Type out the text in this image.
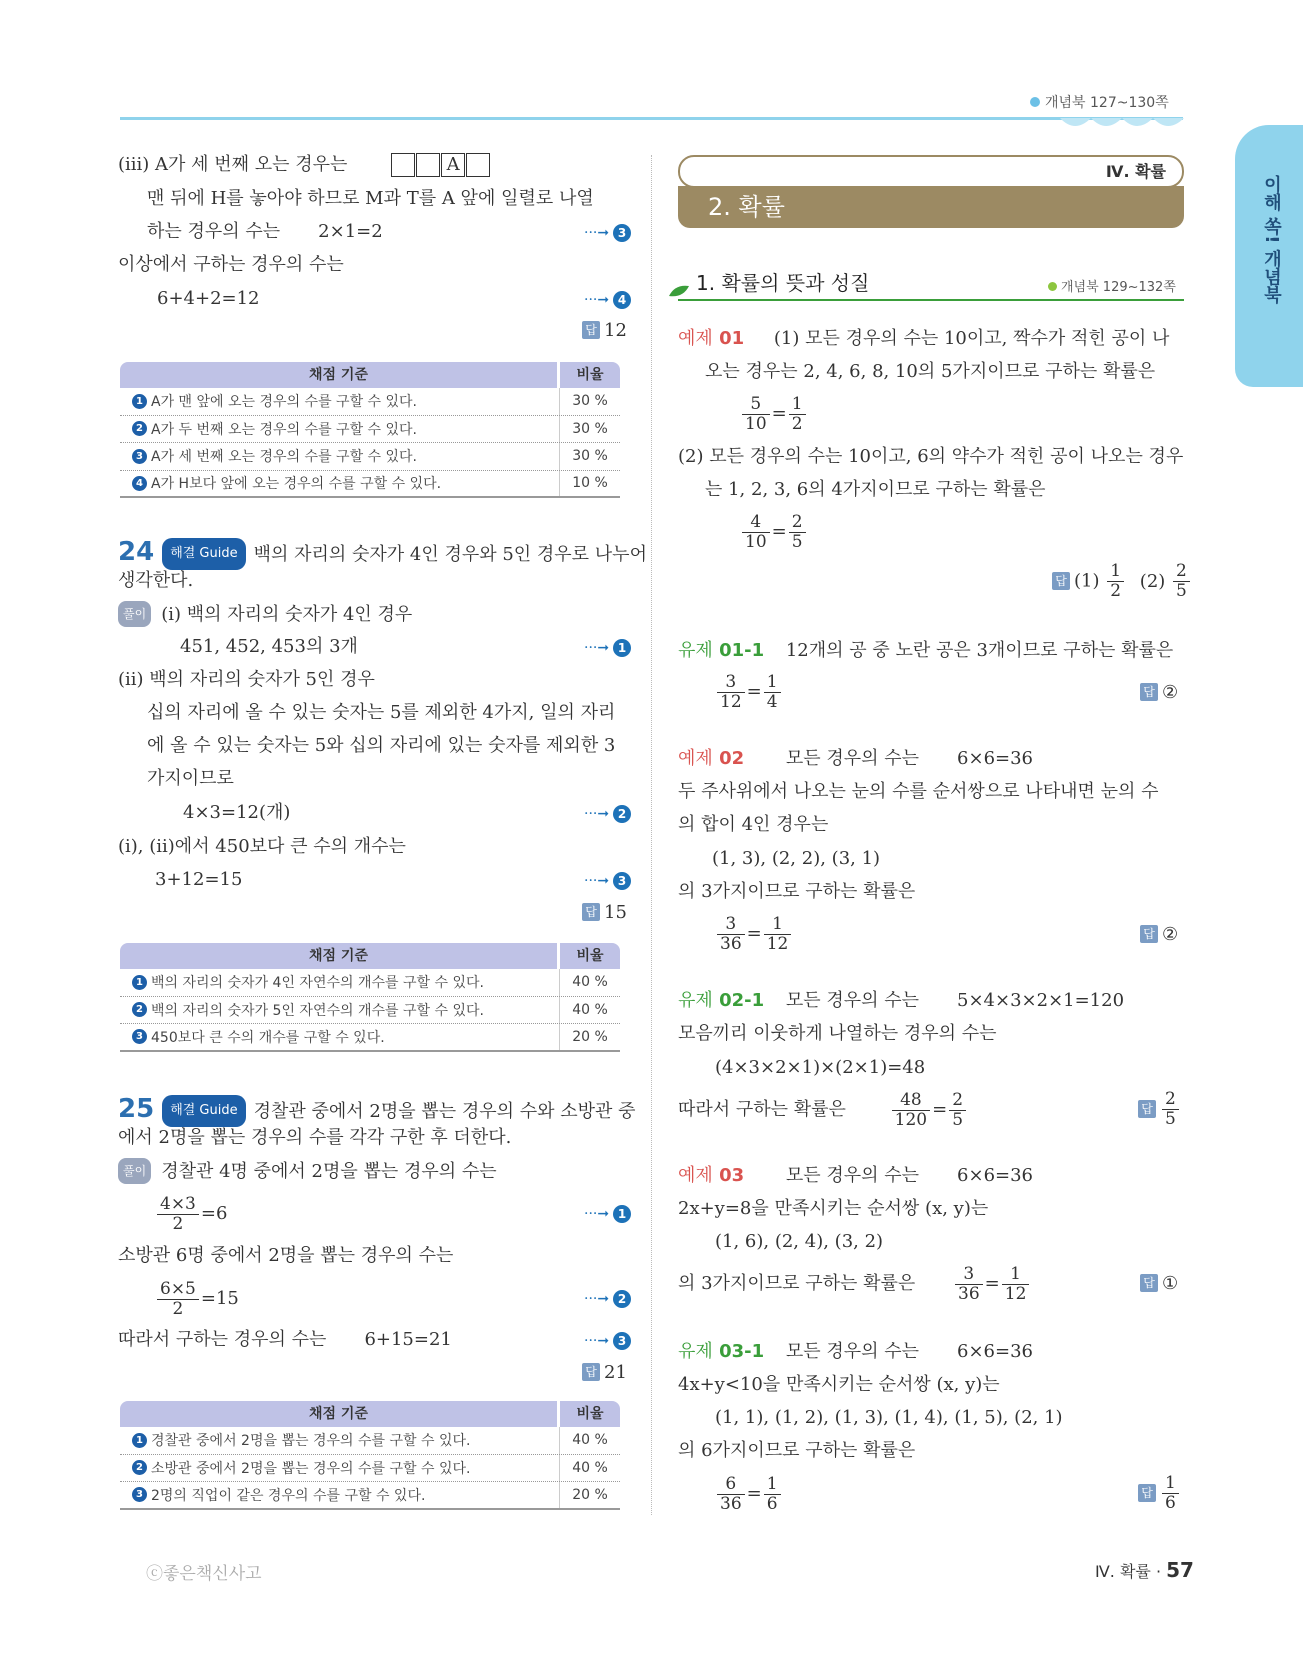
개념북 127~130쪽
이해 쏙! 개념북
(iii) A가 세 번째 오는 경우는	A
맨 뒤에 H를 놓아야 하므로 M과 T를 A 앞에 일렬로 나열
하는 경우의 수는 2×1=2	···➞ 3
이상에서 구하는 경우의 수는
6+4+2=12	···➞ 4
답 12
채점 기준	비율
1 A가 맨 앞에 오는 경우의 수를 구할 수 있다.	30 %
2 A가 두 번째 오는 경우의 수를 구할 수 있다.	30 %
3 A가 세 번째 오는 경우의 수를 구할 수 있다.	30 %
4 A가 H보다 앞에 오는 경우의 수를 구할 수 있다.	10 %
24 해결 Guide 백의 자리의 숫자가 4인 경우와 5인 경우로 나누어
생각한다.
풀이 (i) 백의 자리의 숫자가 4인 경우
451, 452, 453의 3개	···➞ 1
(ii) 백의 자리의 숫자가 5인 경우
십의 자리에 올 수 있는 숫자는 5를 제외한 4가지, 일의 자리
에 올 수 있는 숫자는 5와 십의 자리에 있는 숫자를 제외한 3
가지이므로
4×3=12(개)	···➞ 2
(i), (ii)에서 450보다 큰 수의 개수는
3+12=15	···➞ 3
답 15
채점 기준	비율
1 백의 자리의 숫자가 4인 자연수의 개수를 구할 수 있다.	40 %
2 백의 자리의 숫자가 5인 자연수의 개수를 구할 수 있다.	40 %
3 450보다 큰 수의 개수를 구할 수 있다.	20 %
25 해결 Guide 경찰관 중에서 2명을 뽑는 경우의 수와 소방관 중
에서 2명을 뽑는 경우의 수를 각각 구한 후 더한다.
풀이 경찰관 4명 중에서 2명을 뽑는 경우의 수는
$\frac{4\times 3}{2} =6$	···➞ 1
소방관 6명 중에서 2명을 뽑는 경우의 수는
$\frac{6\times 5}{2} =15$	···➞ 2
따라서 구하는 경우의 수는 6+15=21	···➞ 3
답 21
채점 기준	비율
1 경찰관 중에서 2명을 뽑는 경우의 수를 구할 수 있다.	40 %
2 소방관 중에서 2명을 뽑는 경우의 수를 구할 수 있다.	40 %
3 2명의 직업이 같은 경우의 수를 구할 수 있다.	20 %
Ⅳ. 확률
2. 확률
1. 확률의 뜻과 성질	개념북 129~132쪽
예제 01 (1) 모든 경우의 수는 10이고, 짝수가 적힌 공이 나
오는 경우는 2, 4, 6, 8, 10의 5가지이므로 구하는 확률은
$\frac{5}{10} = \frac{1}{2}$
(2) 모든 경우의 수는 10이고, 6의 약수가 적힌 공이 나오는 경우
는 1, 2, 3, 6의 4가지이므로 구하는 확률은
$\frac{4}{10} = \frac{2}{5}$
답 $(1) \frac{1}{2} (2) \frac{2}{5}$
유제 01-1 12개의 공 중 노란 공은 3개이므로 구하는 확률은
$\frac{3}{12} = \frac{1}{4}$	답 ②
예제 02 모든 경우의 수는 6×6=36
두 주사위에서 나오는 눈의 수를 순서쌍으로 나타내면 눈의 수
의 합이 4인 경우는
(1, 3), (2, 2), (3, 1)
의 3가지이므로 구하는 확률은
$\frac{3}{36} = \frac{1}{12}$	답 ②
유제 02-1 모든 경우의 수는 5×4×3×2×1=120
모음끼리 이웃하게 나열하는 경우의 수는
(4×3×2×1)×(2×1)=48
따라서 구하는 확률은	$\frac{48}{120} = \frac{2}{5}$	답 $\frac{2}{5}$
예제 03 모든 경우의 수는 6×6=36
2x+y=8을 만족시키는 순서쌍 (x, y)는
(1, 6), (2, 4), (3, 2)
의 3가지이므로 구하는 확률은 $\frac{3}{36} = \frac{1}{12}$	답 ①
유제 03-1 모든 경우의 수는 6×6=36
4x+y<10을 만족시키는 순서쌍 (x, y)는
(1, 1), (1, 2), (1, 3), (1, 4), (1, 5), (2, 1)
의 6가지이므로 구하는 확률은
$\frac{6}{36} = \frac{1}{6}$	답 $\frac{1}{6}$
ⓒ좋은책신사고	Ⅳ. 확률 · 57
